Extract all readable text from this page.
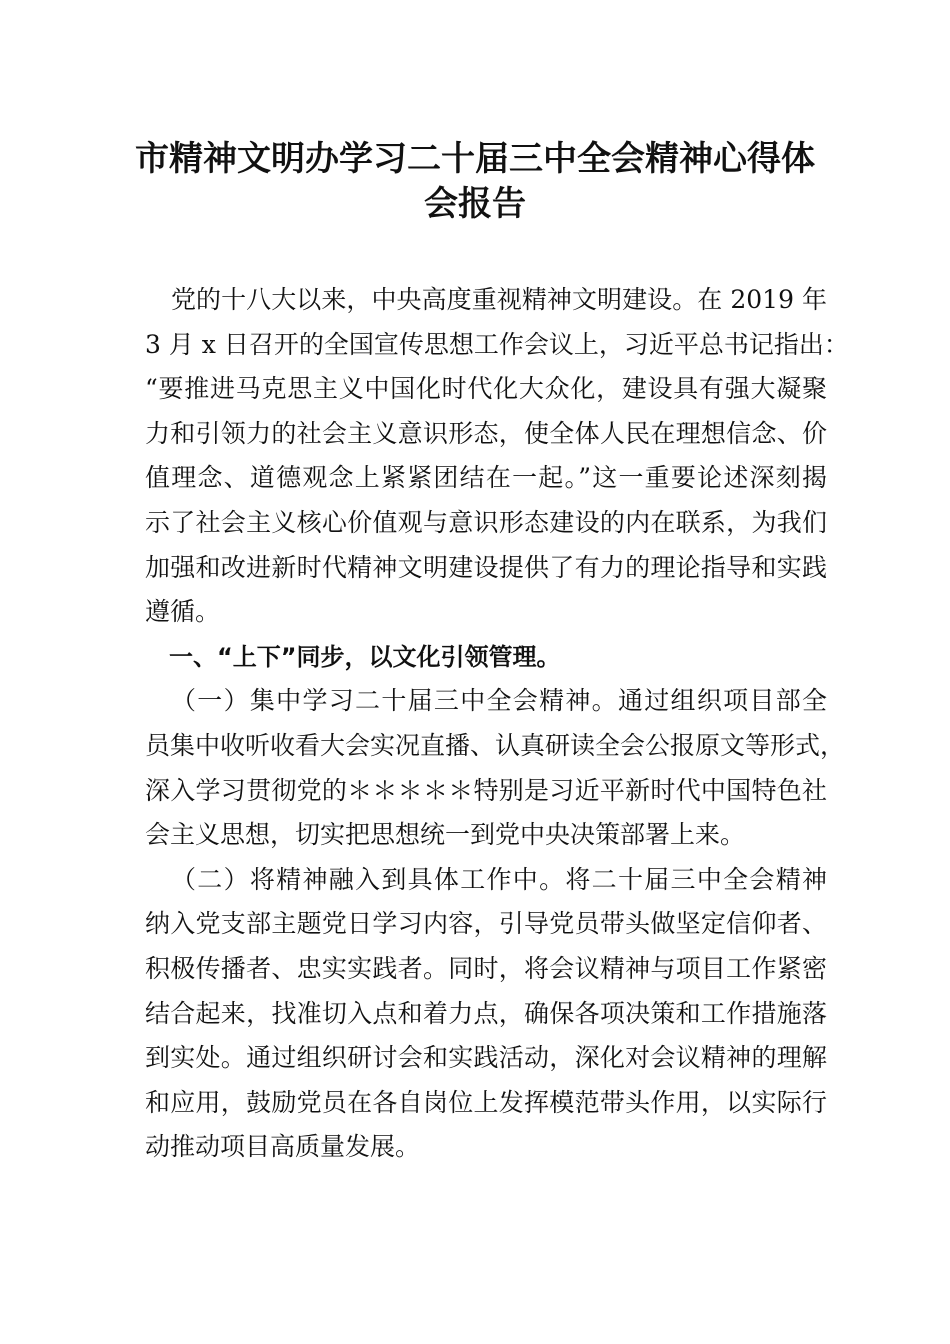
市精神文明办学习二十届三中全会精神心得体
会报告
党的十八大以来，中央高度重视精神文明建设。在 2019 年
3 月 x 日召开的全国宣传思想工作会议上，习近平总书记指出：
“要推进马克思主义中国化时代化大众化，建设具有强大凝聚
力和引领力的社会主义意识形态，使全体人民在理想信念、价
值理念、道德观念上紧紧团结在一起。”这一重要论述深刻揭
示了社会主义核心价值观与意识形态建设的内在联系，为我们
加强和改进新时代精神文明建设提供了有力的理论指导和实践
遵循。
一、“上下”同步，以文化引领管理。
（一）集中学习二十届三中全会精神。通过组织项目部全
员集中收听收看大会实况直播、认真研读全会公报原文等形式，
深入学习贯彻党的＊＊＊＊＊特别是习近平新时代中国特色社
会主义思想，切实把思想统一到党中央决策部署上来。
（二）将精神融入到具体工作中。将二十届三中全会精神
纳入党支部主题党日学习内容，引导党员带头做坚定信仰者、
积极传播者、忠实实践者。同时，将会议精神与项目工作紧密
结合起来，找准切入点和着力点，确保各项决策和工作措施落
到实处。通过组织研讨会和实践活动，深化对会议精神的理解
和应用，鼓励党员在各自岗位上发挥模范带头作用，以实际行
动推动项目高质量发展。
